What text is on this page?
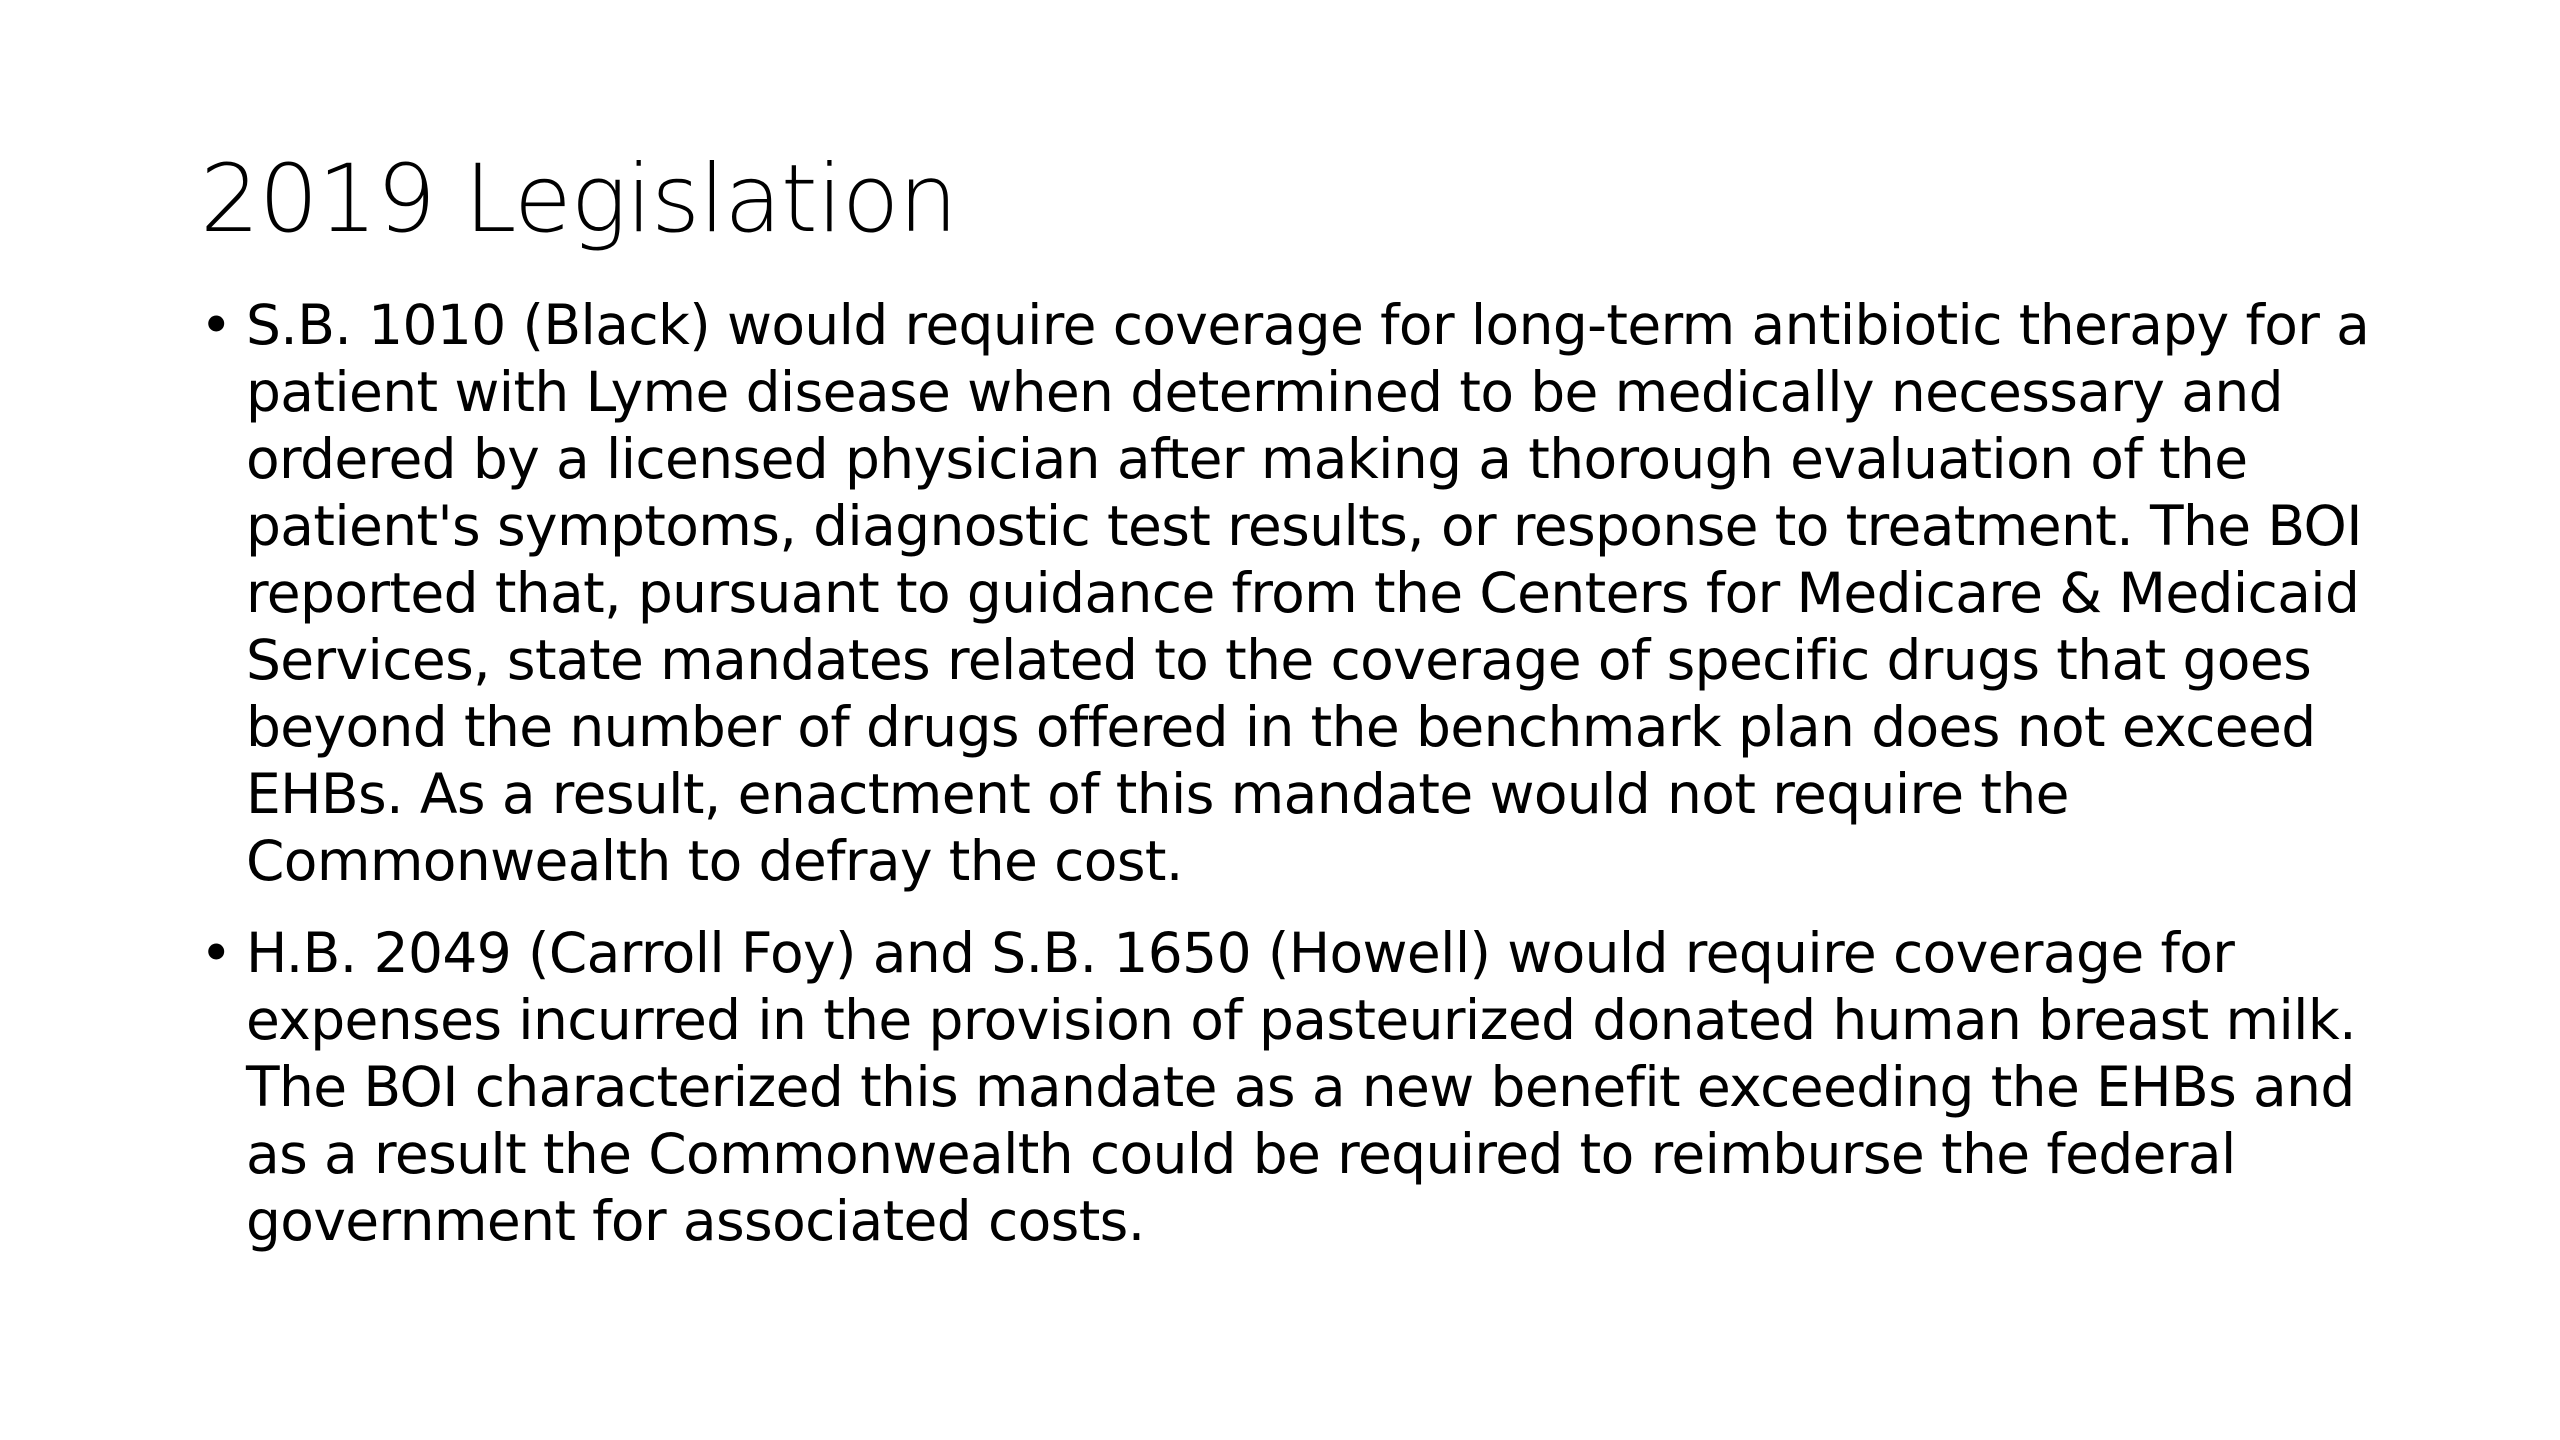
2019 Legislation
• S.B. 1010 (Black) would require coverage for long-term antibiotic therapy for a patient with Lyme disease when determined to be medically necessary and ordered by a licensed physician after making a thorough evaluation of the patient's symptoms, diagnostic test results, or response to treatment. The BOI reported that, pursuant to guidance from the Centers for Medicare & Medicaid Services, state mandates related to the coverage of specific drugs that goes beyond the number of drugs offered in the benchmark plan does not exceed EHBs. As a result, enactment of this mandate would not require the Commonwealth to defray the cost.
• H.B. 2049 (Carroll Foy) and S.B. 1650 (Howell) would require coverage for expenses incurred in the provision of pasteurized donated human breast milk. The BOI characterized this mandate as a new benefit exceeding the EHBs and as a result the Commonwealth could be required to reimburse the federal government for associated costs.
